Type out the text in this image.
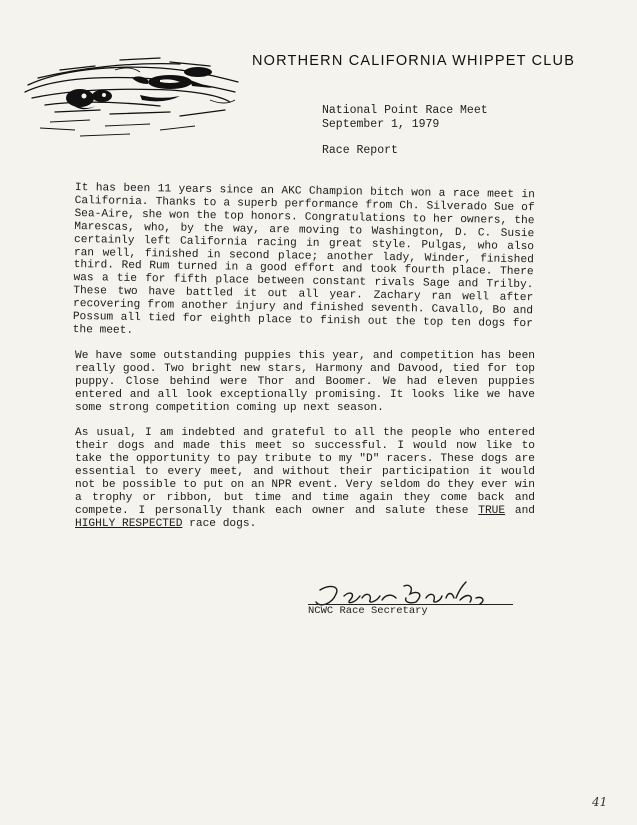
NORTHERN CALIFORNIA WHIPPET CLUB
National Point Race Meet
September 1, 1979
Race Report

It has been 11 years since an AKC Champion bitch won a race meet in California. Thanks to a superb performance from Ch. Silverado Sue of Sea-Aire, she won the top honors. Congratulations to her owners, the Marescas, who, by the way, are moving to Washington, D. C. Susie certainly left California racing in great style. Pulgas, who also ran well, finished in second place; another lady, Winder, finished third. Red Rum turned in a good effort and took fourth place. There was a tie for fifth place between constant rivals Sage and Trilby. These two have battled it out all year. Zachary ran well after recovering from another injury and finished seventh. Cavallo, Bo and Possum all tied for eighth place to finish out the top ten dogs for the meet.

We have some outstanding puppies this year, and competition has been really good. Two bright new stars, Harmony and Davood, tied for top puppy. Close behind were Thor and Boomer. We had eleven puppies entered and all look exceptionally promising. It looks like we have some strong competition coming up next season.

As usual, I am indebted and grateful to all the people who entered their dogs and made this meet so successful. I would now like to take the opportunity to pay tribute to my "D" racers. These dogs are essential to every meet, and without their participation it would not be possible to put on an NPR event. Very seldom do they ever win a trophy or ribbon, but time and time again they come back and compete. I personally thank each owner and salute these TRUE and HIGHLY RESPECTED race dogs.

NCWC Race Secretary
41
